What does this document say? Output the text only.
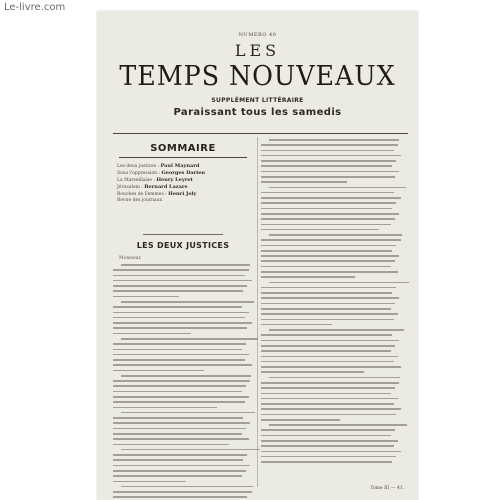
Le-livre.com
NUMÉRO 40
LES
TEMPS NOUVEAUX
SUPPLÉMENT LITTÉRAIRE
Paraissant tous les samedis
SOMMAIRE
Les deux justices : Paul Maynard
Sous l'oppression : Georges Darien
La Marseillaise : Henry Leyret
Jérusalem : Bernard Lazare
Bouches de Femmes : Henri Joly
Revue des journaux
LES DEUX JUSTICES
Monsieur,
Tome III — 41.
